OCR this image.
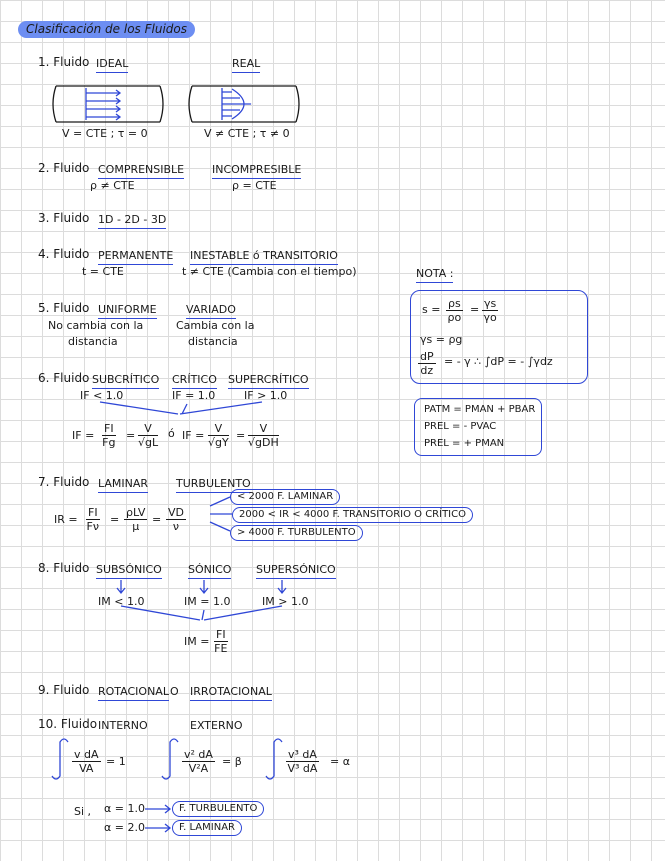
Clasificación de los Fluidos
1. Fluido IDEAL	REAL
V = CTE ; τ = 0	V ≠ CTE ; τ ≠ 0
2. Fluido COMPRENSIBLE	INCOMPRESIBLE
ρ ≠ CTE	ρ = CTE
3. Fluido 1D - 2D - 3D
4. Fluido PERMANENTE INESTABLE ó TRANSITORIO
t = CTE	t ≠ CTE (Cambia con el tiempo)	NOTA :
$s = \frac{\rho s}{\rho o} = \frac{\gamma s}{\gamma o}$
γs = ρg
$\frac{dP}{dz}$ = - γ ∴ ∫dP = - ∫γdz
PATM = PMAN + PBAR
PREL = - PVAC
PREL = + PMAN
5. Fluido UNIFORME	VARIADO
No cambia con la
distancia
Cambia con la
distancia
6. Fluido SUBCRÍTICO CRÍTICO SUPERCRÍTICO
IF < 1.0	IF = 1.0	IF > 1.0
IF = $\frac{FI}{Fg} = \frac{V}{√gL}$ ó IF = $\frac{V}{√gY}$ =
V
√gDH
7. Fluido LAMINAR	TURBULENTO
IR = $\frac{FI}{F\nu}$ =
ρLV
μ
= $\frac{VD}{\nu}$
< 2000 F. LAMINAR
2000 < IR < 4000 F. TRANSITORIO O CRÍTICO
> 4000 F. TURBULENTO
8. Fluido SUBSÓNICO SÓNICO SUPERSÓNICO
IM < 1.0	IM = 1.0	IM > 1.0
IM = $\frac{FI}{FE}$
9. Fluido ROTACIONAL O IRROTACIONAL
10. Fluido INTERNO	EXTERNO
$\frac{\text{v dA}}{VA} = 1$	$\frac{\text{v² dA}}{\text{V²A}} = \beta$	$\frac{\text{v³ dA}}{\text{V³ dA}} = \alpha$
Si , α = 1.0
α = 2.0
F. TURBULENTO
F. LAMINAR
